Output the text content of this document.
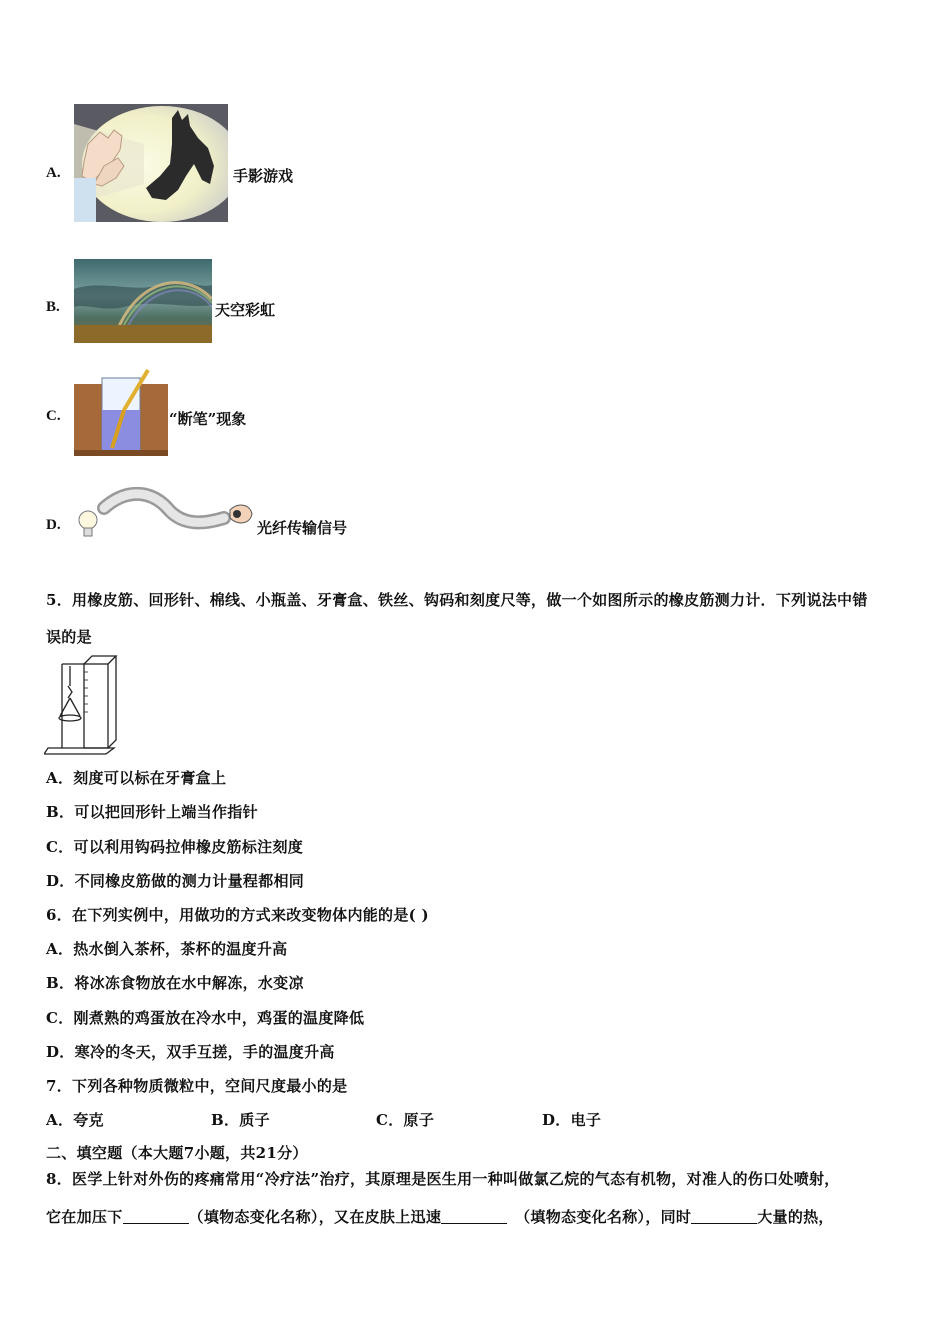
A.	手影游戏
B.	天空彩虹
C.	“断笔”现象
D.	光纤传输信号
5．用橡皮筋、回形针、棉线、小瓶盖、牙膏盒、铁丝、钩码和刻度尺等，做一个如图所示的橡皮筋测力计．下列说法中错
误的是
A．刻度可以标在牙膏盒上
B．可以把回形针上端当作指针
C．可以利用钩码拉伸橡皮筋标注刻度
D．不同橡皮筋做的测力计量程都相同
6．在下列实例中，用做功的方式来改变物体内能的是( )
A．热水倒入茶杯，茶杯的温度升高
B．将冰冻食物放在水中解冻，水变凉
C．刚煮熟的鸡蛋放在冷水中，鸡蛋的温度降低
D．寒冷的冬天，双手互搓，手的温度升高
7．下列各种物质微粒中，空间尺度最小的是
A．夸克	B．质子	C．原子	D．电子
二、填空题（本大题7小题，共21分）
8．医学上针对外伤的疼痛常用“冷疗法”治疗，其原理是医生用一种叫做氯乙烷的气态有机物，对准人的伤口处喷射，
它在加压下	（填物态变化名称），又在皮肤上迅速	（填物态变化名称），同时	大量的热，
